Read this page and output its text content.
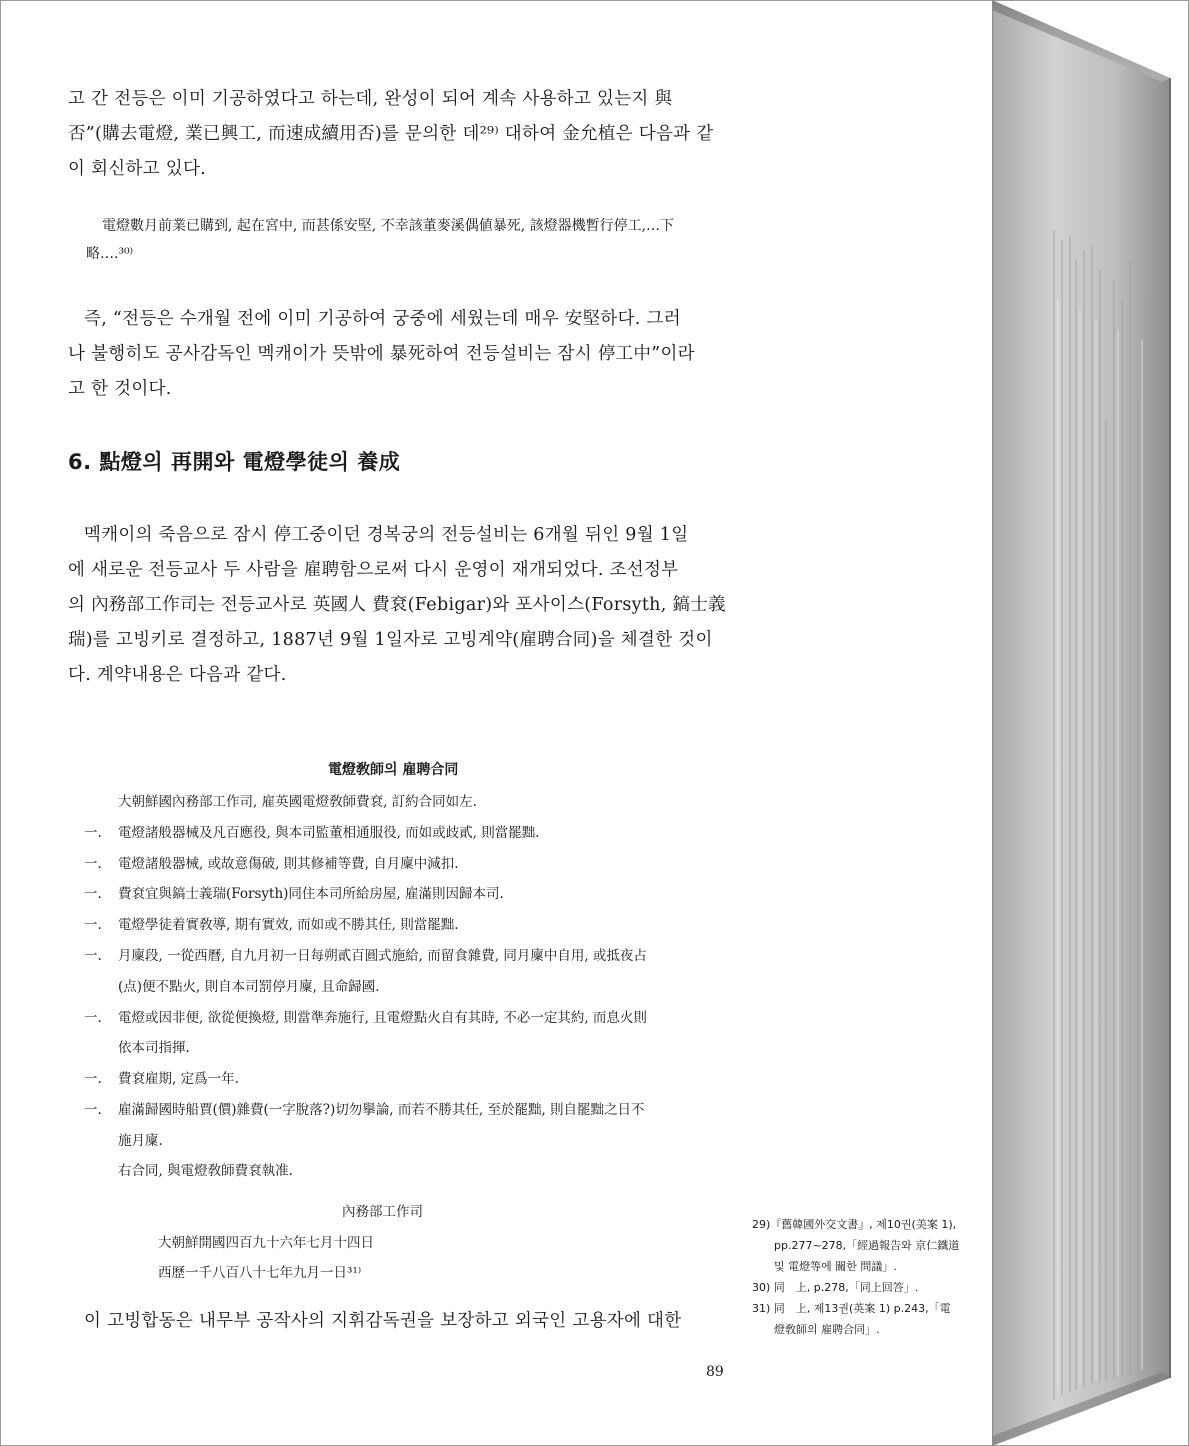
고 간 전등은 이미 기공하였다고 하는데, 완성이 되어 계속 사용하고 있는지 與
否”(購去電燈, 業已興工, 而速成續用否)를 문의한 데²⁹⁾ 대하여 金允植은 다음과 같
이 회신하고 있다.
電燈數月前業已購到, 起在宮中, 而甚係安堅, 不幸該董麥溪偶値暴死, 該燈器機暫行停工,…下
略….³⁰⁾
즉, “전등은 수개월 전에 이미 기공하여 궁중에 세웠는데 매우 安堅하다. 그러
나 불행히도 공사감독인 멕캐이가 뜻밖에 暴死하여 전등설비는 잠시 停工中”이라
고 한 것이다.
6. 點燈의 再開와 電燈學徒의 養成
멕캐이의 죽음으로 잠시 停工중이던 경복궁의 전등설비는 6개월 뒤인 9월 1일
에 새로운 전등교사 두 사람을 雇聘함으로써 다시 운영이 재개되었다. 조선정부
의 內務部工作司는 전등교사로 英國人 費袞(Febigar)와 포사이스(Forsyth, 鎬士義
瑞)를 고빙키로 결정하고, 1887년 9월 1일자로 고빙계약(雇聘合同)을 체결한 것이
다. 계약내용은 다음과 같다.
電燈敎師의 雇聘合同
大朝鮮國內務部工作司, 雇英國電燈敎師費袞, 訂約合同如左.
一. 電燈諸般器械及凡百應役, 與本司監董相通服役, 而如或歧貳, 則當罷黜.
一. 電燈諸般器械, 或故意傷破, 則其修補等費, 自月廩中減扣.
一. 費袞宜與鎬士義瑞(Forsyth)同住本司所給房屋, 雇滿則因歸本司.
一. 電燈學徒着實敎導, 期有實效, 而如或不勝其任, 則當罷黜.
一. 月廩段, 一從西曆, 自九月初一日每朔貳百圓式施給, 而留食雜費, 同月廩中自用, 或抵夜占
(点)便不點火, 則自本司罰停月廩, 且命歸國.
一. 電燈或因非便, 欲從便換燈, 則當準奔施行, 且電燈點火自有其時, 不必一定其約, 而息火則
依本司指揮.
一. 費袞雇期, 定爲一年.
一. 雇滿歸國時船賈(價)雜費(一字脫落?)切勿擧論, 而若不勝其任, 至於罷黜, 則自罷黜之日不
施月廩.
右合同, 與電燈敎師費袞執准.
內務部工作司
大朝鮮開國四百九十六年七月十四日
西歷一千八百八十七年九月一日³¹⁾
이 고빙합동은 내무부 공작사의 지휘감독권을 보장하고 외국인 고용자에 대한
29)『舊韓國外交文書』, 제10권(美案 1),
pp.277~278,「經過報告와 京仁鐵道
및 電燈等에 關한 問議」.
30) 同　上, p.278,「同上回答」.
31) 同　上, 제13권(英案 1) p.243,「電
燈敎師의 雇聘合同」.
89
